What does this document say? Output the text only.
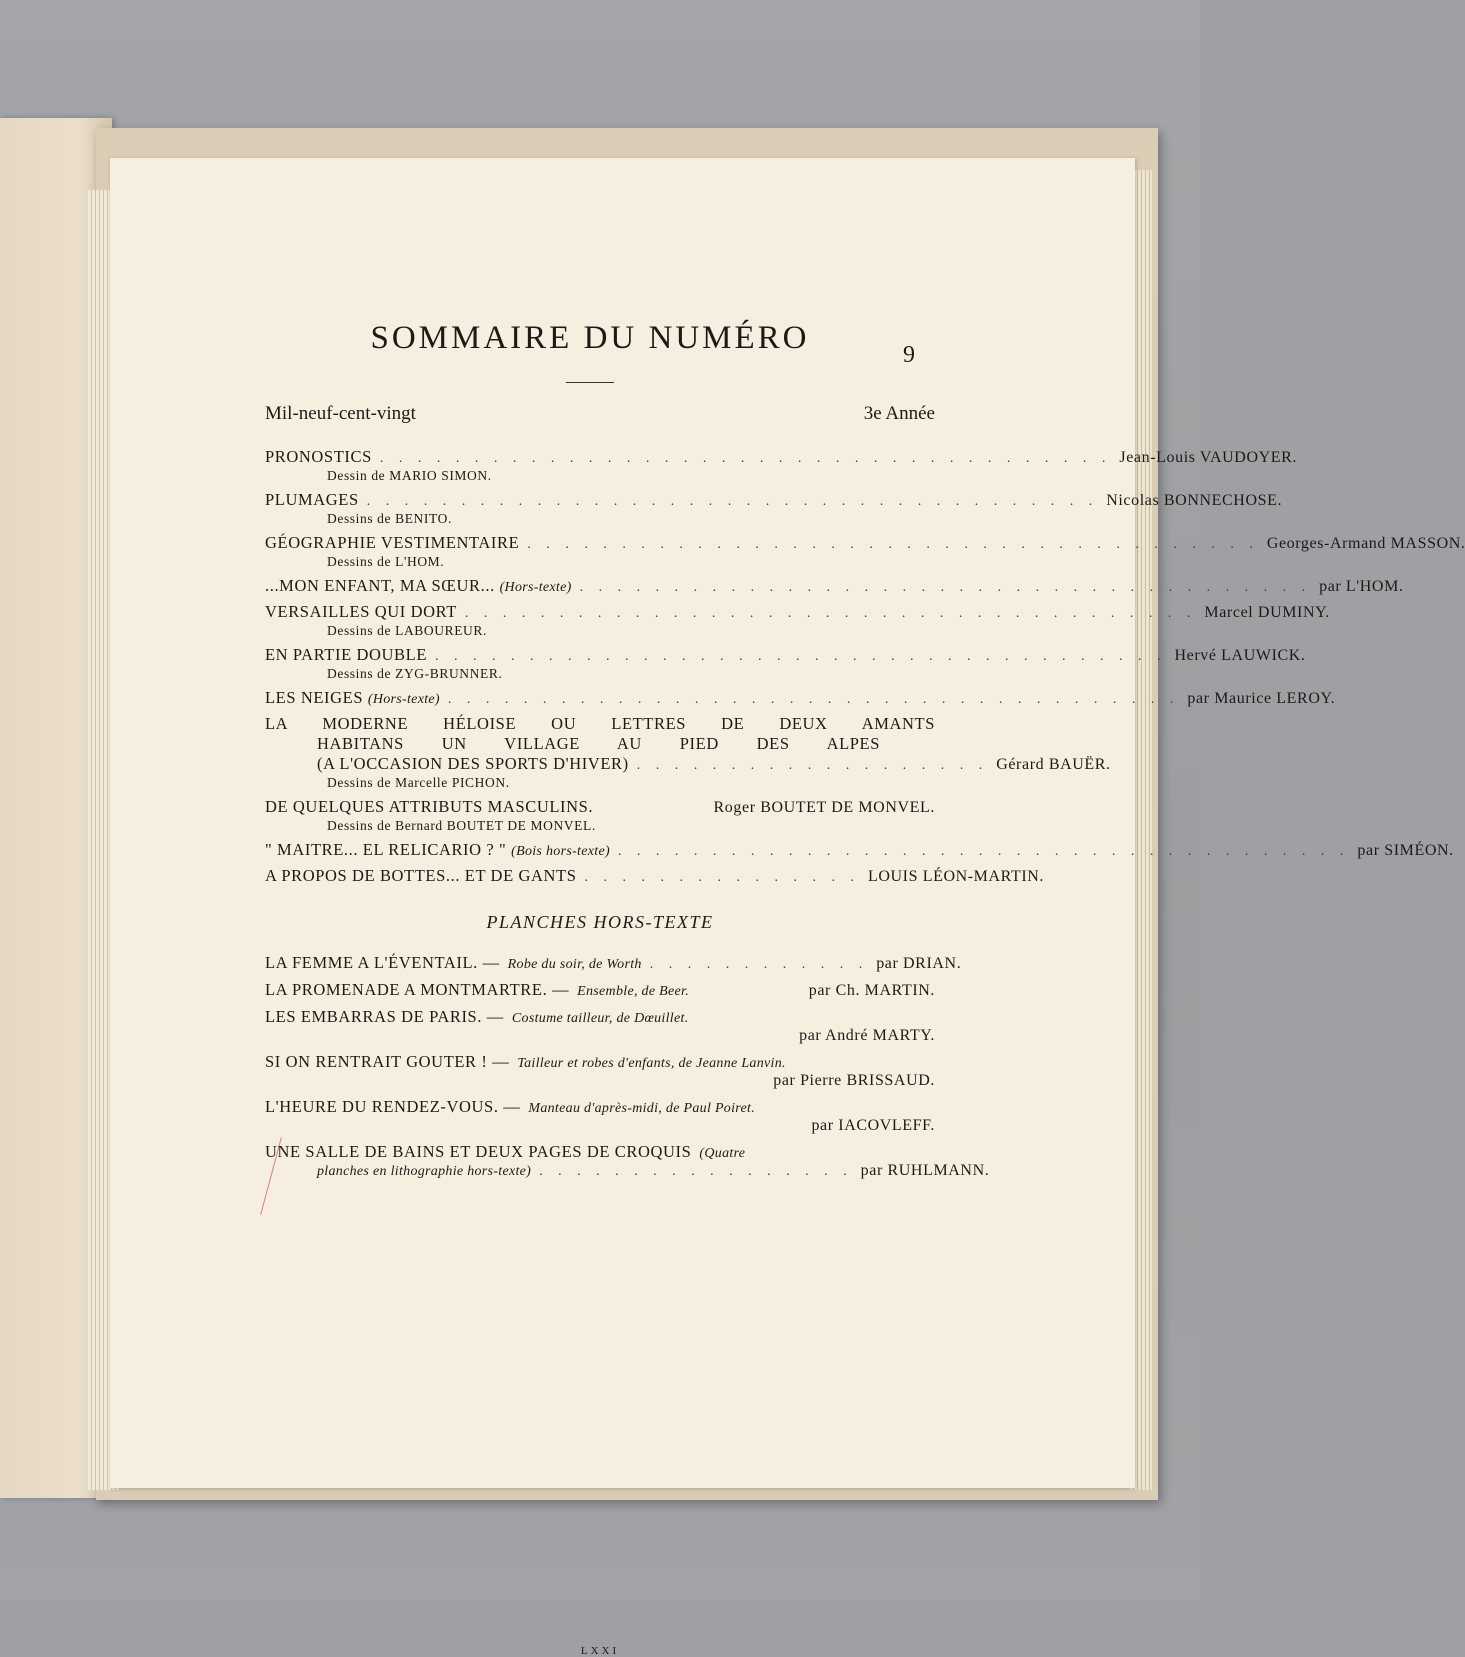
SOMMAIRE DU NUMÉRO	9
Mil-neuf-cent-vingt	3e Année
PRONOSTICS . . . . . . . . . . . . . . . . . . . . . . . . . . . . . . . . . . . . . . . Jean-Louis VAUDOYER.
Dessin de MARIO SIMON.
PLUMAGES . . . . . . . . . . . . . . . . . . . . . . . . . . . . . . . . . . . . . . . Nicolas BONNECHOSE.
Dessins de BENITO.
GÉOGRAPHIE VESTIMENTAIRE . . . . . . . . . . . . . . . . . . . . . . . . . . . . . . . . . . . . . . . Georges-Armand MASSON.
Dessins de L'HOM.
...MON ENFANT, MA SŒUR... (Hors-texte) . . . . . . . . . . . . . . . . . . . . . . . . . . . . . . . . . . . . . . . par L'HOM.
VERSAILLES QUI DORT . . . . . . . . . . . . . . . . . . . . . . . . . . . . . . . . . . . . . . . Marcel DUMINY.
Dessins de LABOUREUR.
EN PARTIE DOUBLE . . . . . . . . . . . . . . . . . . . . . . . . . . . . . . . . . . . . . . . Hervé LAUWICK.
Dessins de ZYG-BRUNNER.
LES NEIGES (Hors-texte) . . . . . . . . . . . . . . . . . . . . . . . . . . . . . . . . . . . . . . . par Maurice LEROY.
LA MODERNE HÉLOISE OU LETTRES DE DEUX AMANTS
HABITANS UN VILLAGE AU PIED DES ALPES
(A L'OCCASION DES SPORTS D'HIVER) . . . . . . . . . . . . . . . . . . . Gérard BAUËR.
Dessins de Marcelle PICHON.
DE QUELQUES ATTRIBUTS MASCULINS.	Roger BOUTET DE MONVEL.
Dessins de Bernard BOUTET DE MONVEL.
" MAITRE... EL RELICARIO ? " (Bois hors-texte) . . . . . . . . . . . . . . . . . . . . . . . . . . . . . . . . . . . . . . . par SIMÉON.
A PROPOS DE BOTTES... ET DE GANTS . . . . . . . . . . . . . . . LOUIS LÉON-MARTIN.
PLANCHES HORS-TEXTE
LA FEMME A L'ÉVENTAIL. — Robe du soir, de Worth . . . . . . . . . . . . par DRIAN.
LA PROMENADE A MONTMARTRE. — Ensemble, de Beer.	par Ch. MARTIN.
LES EMBARRAS DE PARIS. — Costume tailleur, de Dœuillet.
par André MARTY.
SI ON RENTRAIT GOUTER ! — Tailleur et robes d'enfants, de Jeanne Lanvin.
par Pierre BRISSAUD.
L'HEURE DU RENDEZ-VOUS. — Manteau d'après-midi, de Paul Poiret.
par IACOVLEFF.
UNE SALLE DE BAINS ET DEUX PAGES DE CROQUIS (Quatre
planches en lithographie hors-texte) . . . . . . . . . . . . . . . . . par RUHLMANN.
LXXI
